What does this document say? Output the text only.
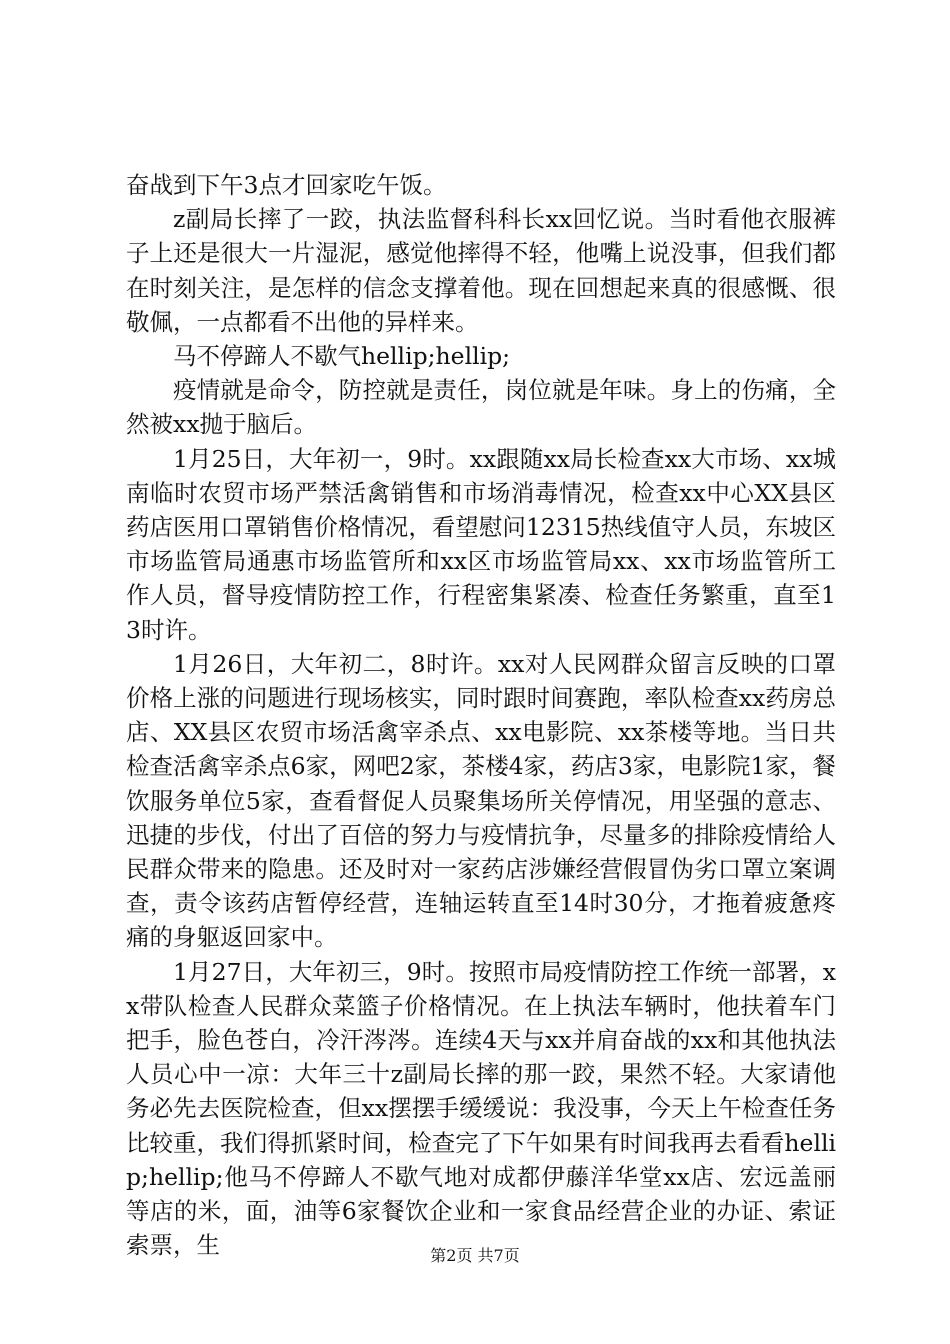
奋战到下午3点才回家吃午饭。

z副局长摔了一跤，执法监督科科长xx回忆说。当时看他衣服裤子上还是很大一片湿泥，感觉他摔得不轻，他嘴上说没事，但我们都在时刻关注，是怎样的信念支撑着他。现在回想起来真的很感慨、很敬佩，一点都看不出他的异样来。

马不停蹄人不歇气hellip;hellip;

疫情就是命令，防控就是责任，岗位就是年味。身上的伤痛，全然被xx抛于脑后。

1月25日，大年初一，9时。xx跟随xx局长检查xx大市场、xx城南临时农贸市场严禁活禽销售和市场消毒情况，检查xx中心XX县区药店医用口罩销售价格情况，看望慰问12315热线值守人员，东坡区市场监管局通惠市场监管所和xx区市场监管局xx、xx市场监管所工作人员，督导疫情防控工作，行程密集紧凑、检查任务繁重，直至13时许。

1月26日，大年初二，8时许。xx对人民网群众留言反映的口罩价格上涨的问题进行现场核实，同时跟时间赛跑，率队检查xx药房总店、XX县区农贸市场活禽宰杀点、xx电影院、xx茶楼等地。当日共检查活禽宰杀点6家，网吧2家，茶楼4家，药店3家，电影院1家，餐饮服务单位5家，查看督促人员聚集场所关停情况，用坚强的意志、迅捷的步伐，付出了百倍的努力与疫情抗争，尽量多的排除疫情给人民群众带来的隐患。还及时对一家药店涉嫌经营假冒伪劣口罩立案调查，责令该药店暂停经营，连轴运转直至14时30分，才拖着疲惫疼痛的身躯返回家中。

1月27日，大年初三，9时。按照市局疫情防控工作统一部署，xx带队检查人民群众菜篮子价格情况。在上执法车辆时，他扶着车门把手，脸色苍白，冷汗涔涔。连续4天与xx并肩奋战的xx和其他执法人员心中一凉：大年三十z副局长摔的那一跤，果然不轻。大家请他务必先去医院检查，但xx摆摆手缓缓说：我没事，今天上午检查任务比较重，我们得抓紧时间，检查完了下午如果有时间我再去看看hellip;hellip;他马不停蹄人不歇气地对成都伊藤洋华堂xx店、宏远盖丽等店的米，面，油等6家餐饮企业和一家食品经营企业的办证、索证索票，生	第2页 共7页
